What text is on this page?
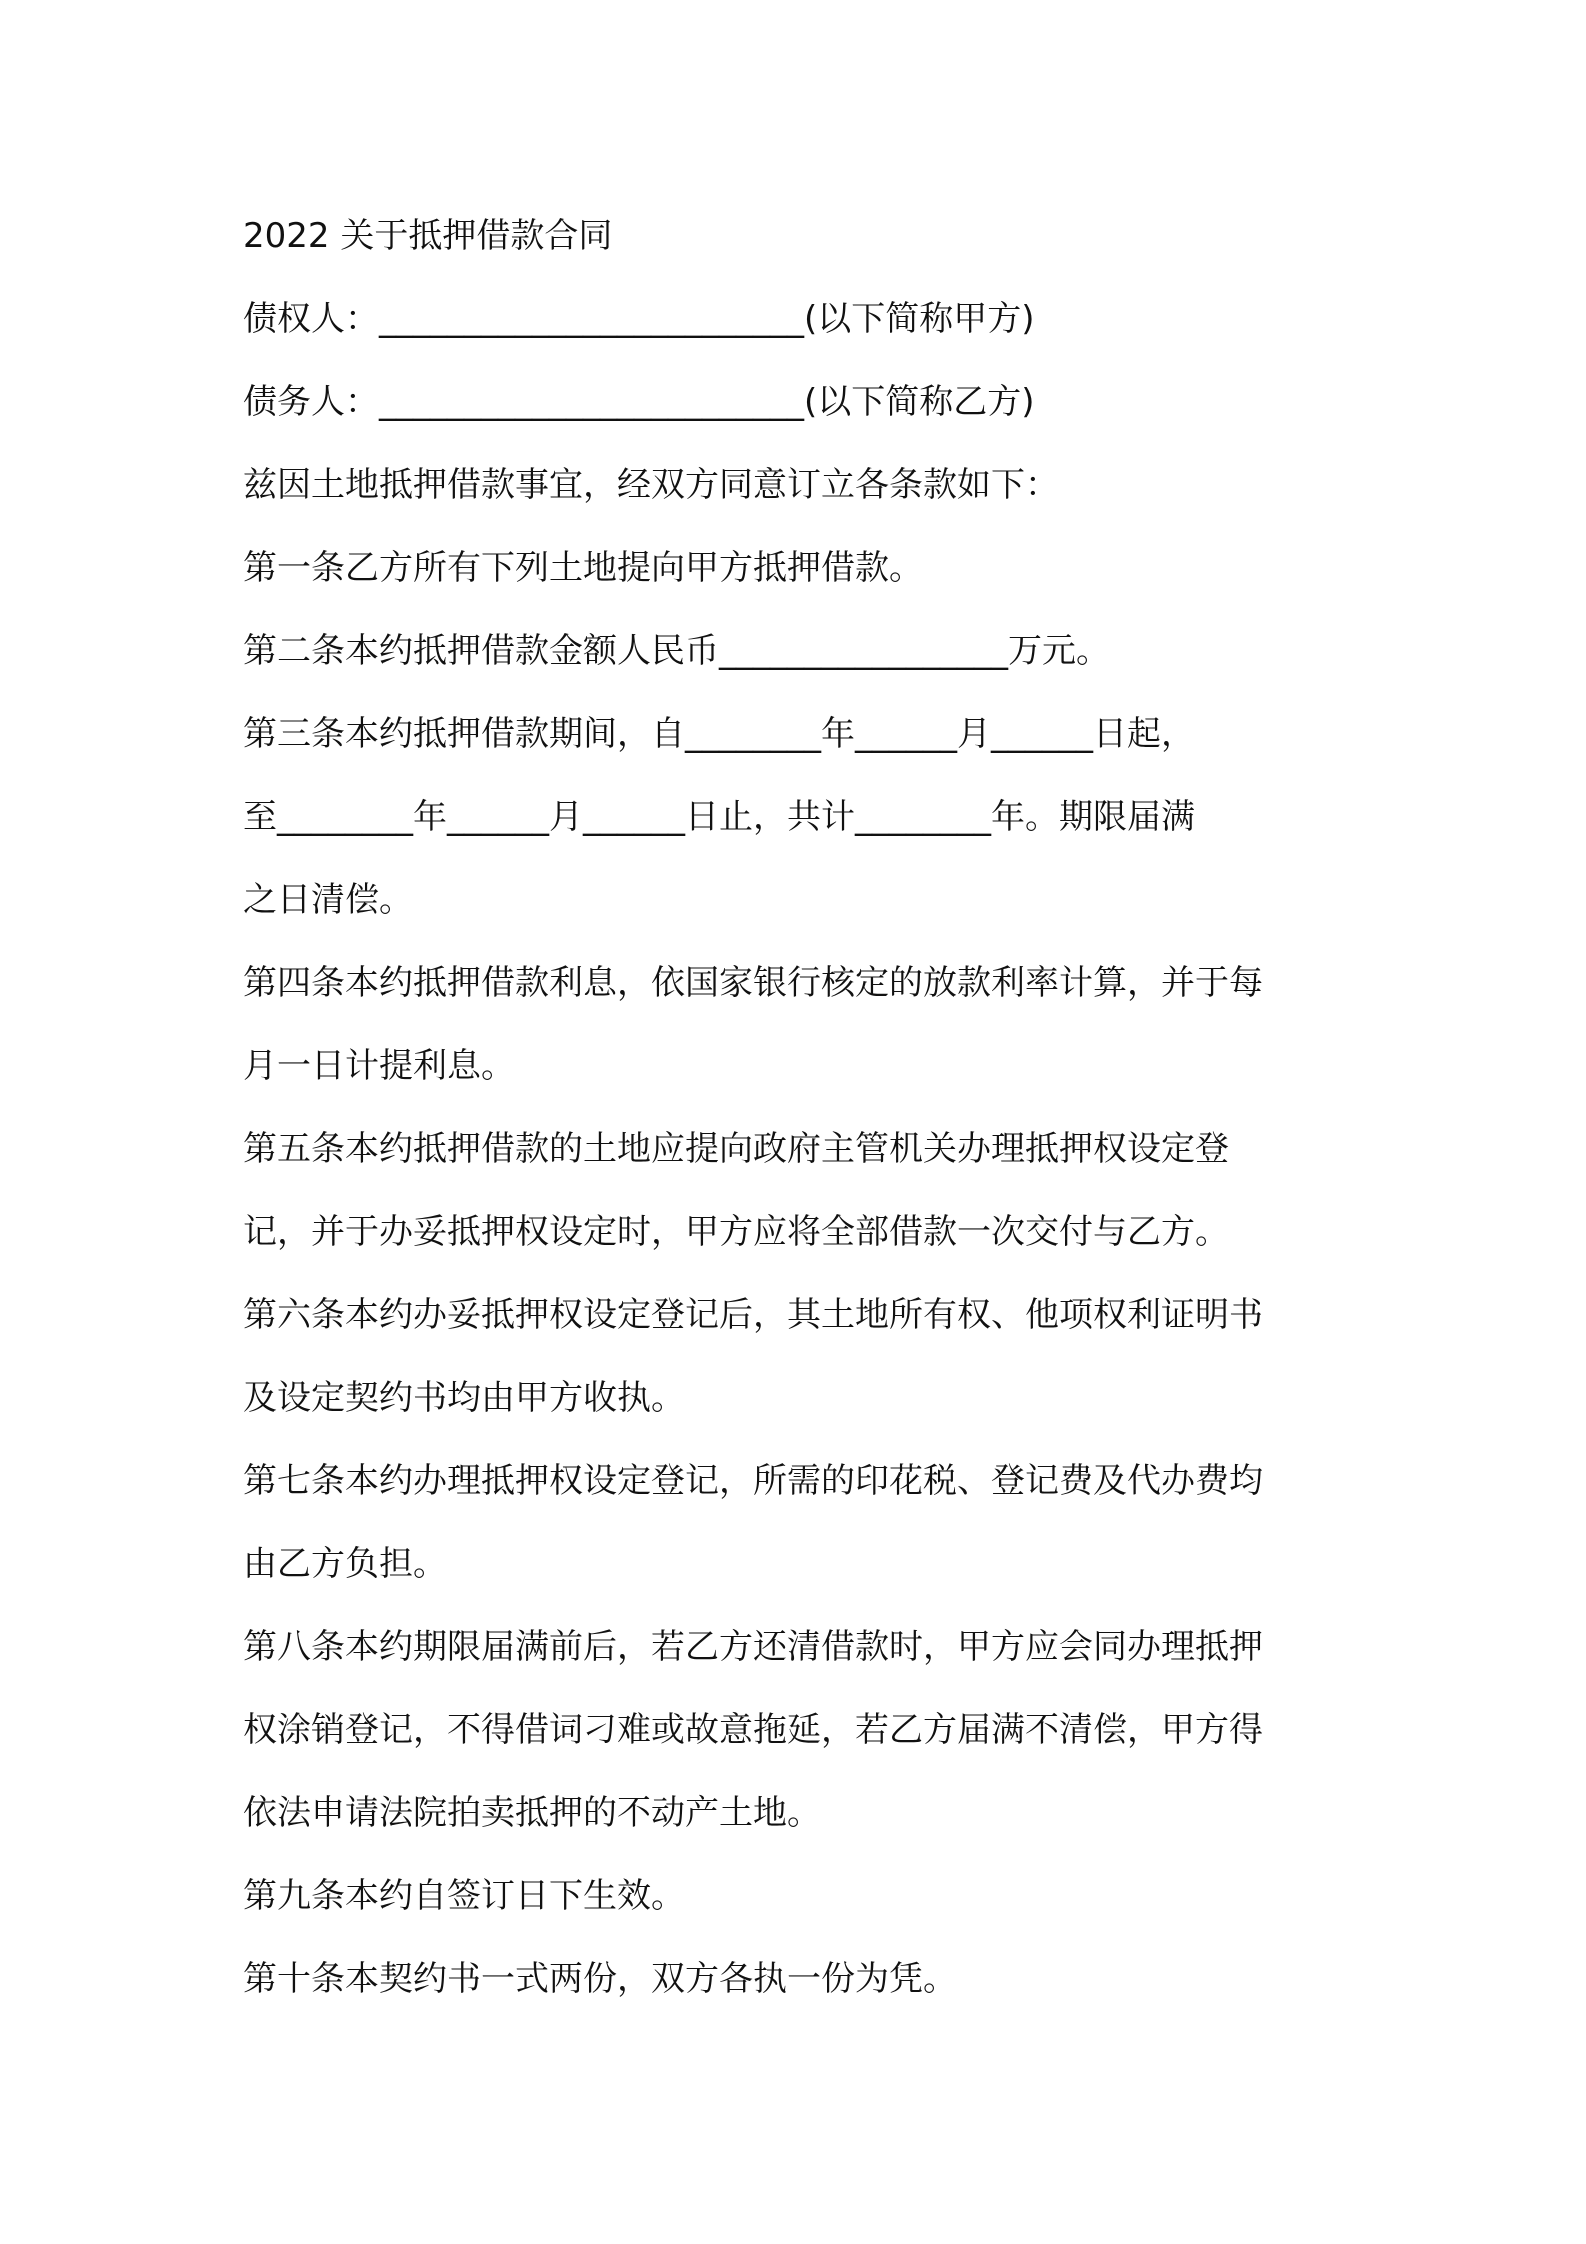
2022 关于抵押借款合同
债权人：_________________________(以下简称甲方)
债务人：_________________________(以下简称乙方)
兹因土地抵押借款事宜，经双方同意订立各条款如下：
第一条乙方所有下列土地提向甲方抵押借款。
第二条本约抵押借款金额人民币_________________万元。
第三条本约抵押借款期间，自________年______月______日起，
至________年______月______日止，共计________年。期限届满
之日清偿。
第四条本约抵押借款利息，依国家银行核定的放款利率计算，并于每
月一日计提利息。
第五条本约抵押借款的土地应提向政府主管机关办理抵押权设定登
记，并于办妥抵押权设定时，甲方应将全部借款一次交付与乙方。
第六条本约办妥抵押权设定登记后，其土地所有权、他项权利证明书
及设定契约书均由甲方收执。
第七条本约办理抵押权设定登记，所需的印花税、登记费及代办费均
由乙方负担。
第八条本约期限届满前后，若乙方还清借款时，甲方应会同办理抵押
权涂销登记，不得借词刁难或故意拖延，若乙方届满不清偿，甲方得
依法申请法院拍卖抵押的不动产土地。
第九条本约自签订日下生效。
第十条本契约书一式两份，双方各执一份为凭。
